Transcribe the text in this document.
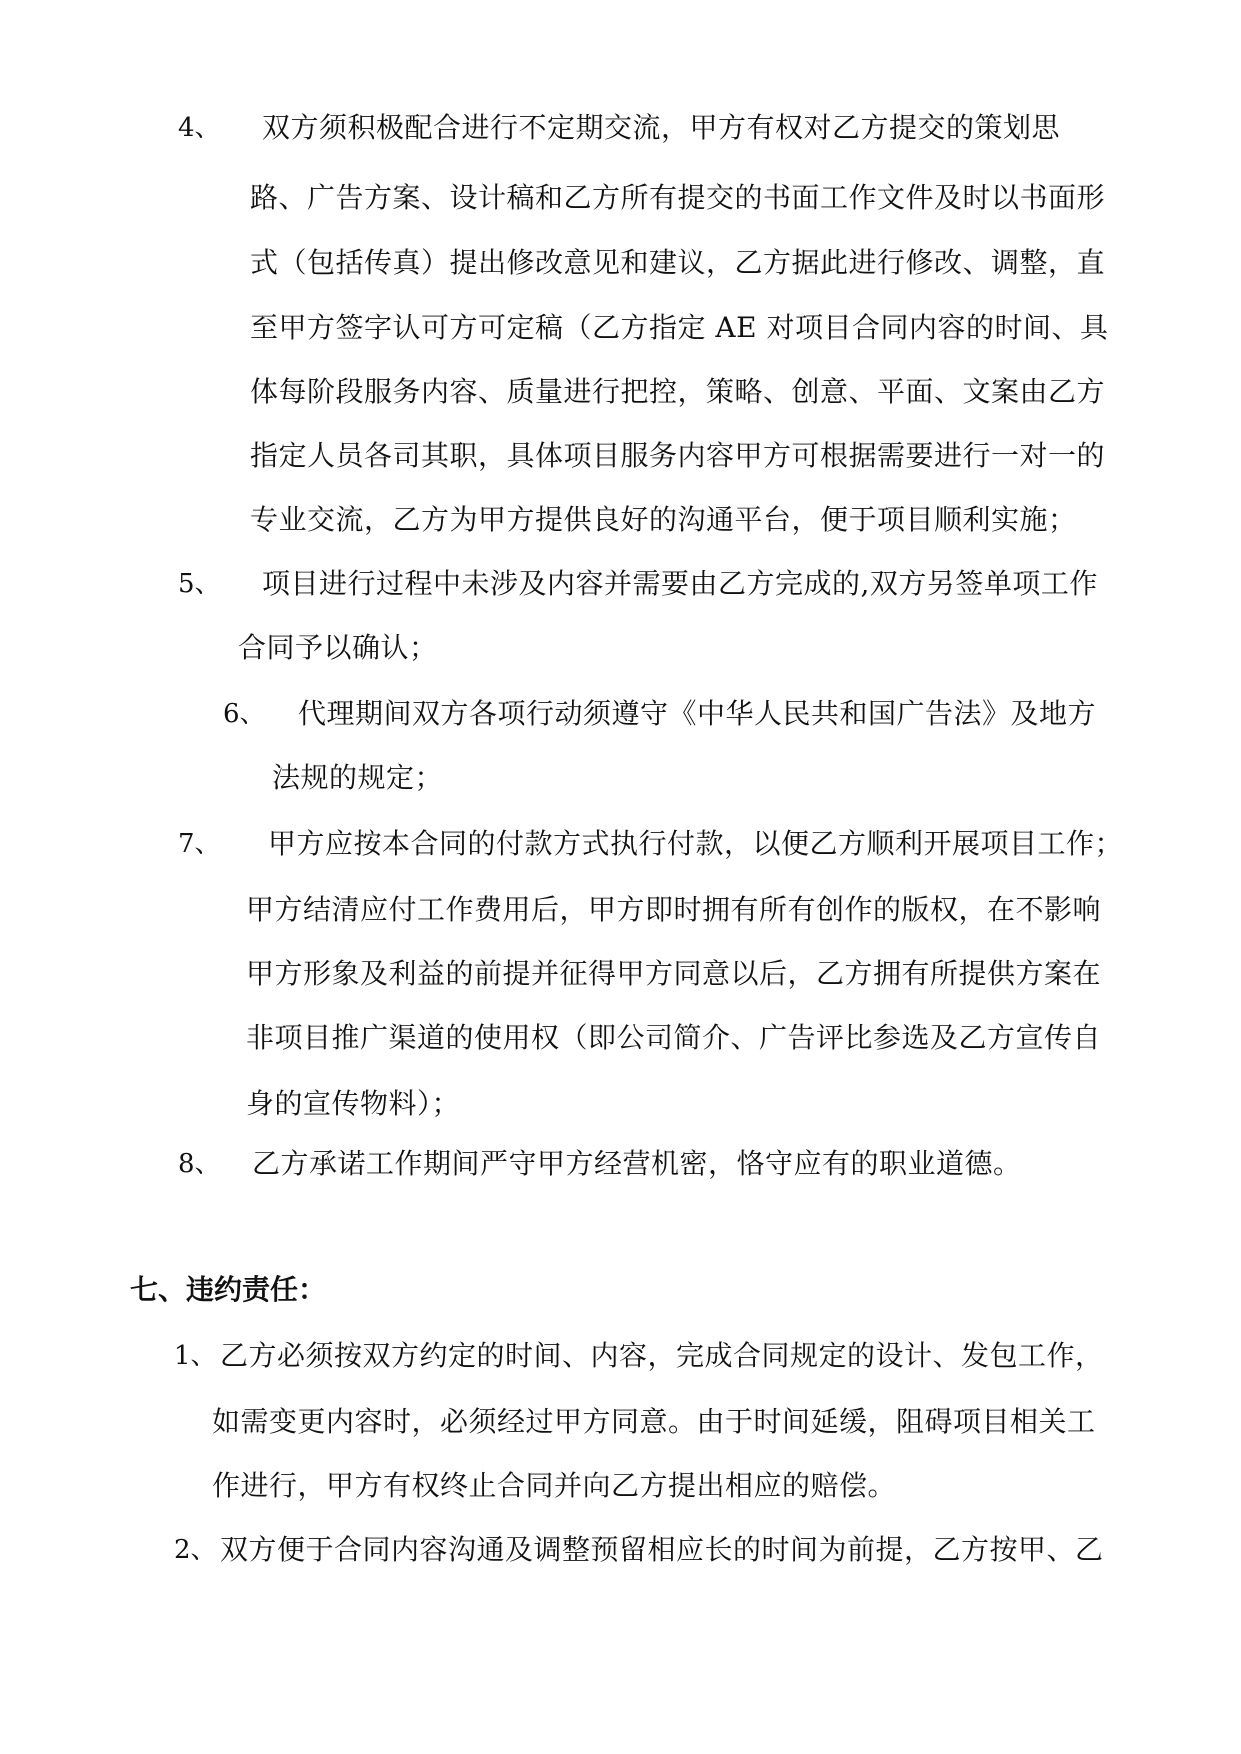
4、 双方须积极配合进行不定期交流，甲方有权对乙方提交的策划思
路、广告方案、设计稿和乙方所有提交的书面工作文件及时以书面形
式（包括传真）提出修改意见和建议，乙方据此进行修改、调整，直
至甲方签字认可方可定稿（乙方指定 AE 对项目合同内容的时间、具
体每阶段服务内容、质量进行把控，策略、创意、平面、文案由乙方
指定人员各司其职，具体项目服务内容甲方可根据需要进行一对一的
专业交流，乙方为甲方提供良好的沟通平台，便于项目顺利实施；
5、 项目进行过程中未涉及内容并需要由乙方完成的,双方另签单项工作
合同予以确认；
6、 代理期间双方各项行动须遵守《中华人民共和国广告法》及地方
法规的规定；
7、 甲方应按本合同的付款方式执行付款，以便乙方顺利开展项目工作；
甲方结清应付工作费用后，甲方即时拥有所有创作的版权，在不影响
甲方形象及利益的前提并征得甲方同意以后，乙方拥有所提供方案在
非项目推广渠道的使用权（即公司简介、广告评比参选及乙方宣传自
身的宣传物料）；
8、 乙方承诺工作期间严守甲方经营机密，恪守应有的职业道德。
七、违约责任：
1、 乙方必须按双方约定的时间、内容，完成合同规定的设计、发包工作，
如需变更内容时，必须经过甲方同意。由于时间延缓，阻碍项目相关工
作进行，甲方有权终止合同并向乙方提出相应的赔偿。
2、 双方便于合同内容沟通及调整预留相应长的时间为前提，乙方按甲、乙
